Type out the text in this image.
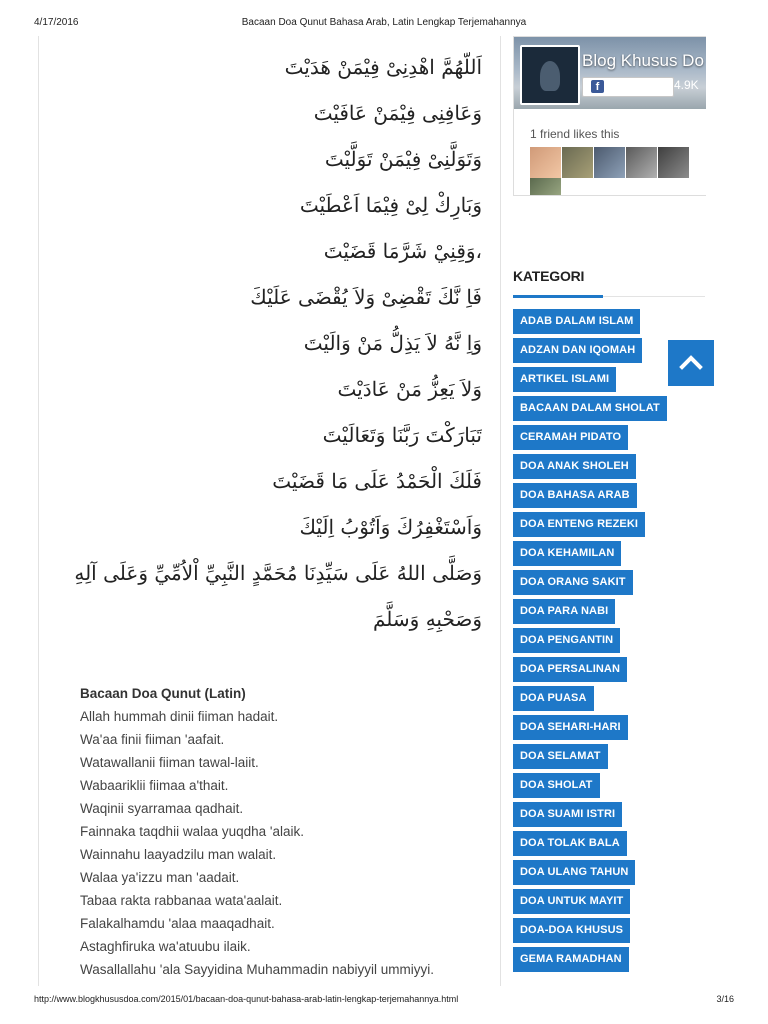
4/17/2016	Bacaan Doa Qunut Bahasa Arab, Latin Lengkap Terjemahannya
اَللّهُمَّ اهْدِنِىْ فِيْمَنْ هَدَيْتَ
وَعَافِنِى فِيْمَنْ عَافَيْتَ
وَتَوَلَّنِىْ فِيْمَنْ تَوَلَّيْتَ
وَبَارِكْ لِىْ فِيْمَا اَعْطَيْتَ
،وَقِنِيْ شَرَّمَا قَضَيْتَ
فَاِ نَّكَ تَقْضِىْ وَلاَ يُقْضَى عَلَيْكَ
وَاِ نَّهُ لاَ يَذِلُّ مَنْ وَالَيْتَ
وَلاَ يَعِزُّ مَنْ عَادَيْتَ
تَبَارَكْتَ رَبَّنَا وَتَعَالَيْتَ
فَلَكَ الْحَمْدُ عَلَى مَا قَضَيْتَ
وَاَسْتَغْفِرُكَ وَاَتُوْبُ اِلَيْكَ
وَصَلَّى اللهُ عَلَى سَيِّدِنَا مُحَمَّدٍ النَّبِيِّ اْلاُمِّيِّ وَعَلَى آلِهِ وَصَحْبِهِ وَسَلَّمَ
Bacaan Doa Qunut (Latin)
Allah hummah dinii fiiman hadait.
Wa'aa finii fiiman 'aafait.
Watawallanii fiiman tawal-laiit.
Wabaariklii fiimaa a'thait.
Waqinii syarramaa qadhait.
Fainnaka taqdhii walaa yuqdha 'alaik.
Wainnahu laayadzilu man walait.
Walaa ya'izzu man 'aadait.
Tabaa rakta rabbanaa wata'aalait.
Falakalhamdu 'alaa maaqadhait.
Astaghfiruka wa'atuubu ilaik.
Wasallallahu 'ala Sayyidina Muhammadin nabiyyil ummiyyi.
Blog Khusus Do
f	4.9K
1 friend likes this
KATEGORI
ADAB DALAM ISLAM
ADZAN DAN IQOMAH
ARTIKEL ISLAMI
BACAAN DALAM SHOLAT
CERAMAH PIDATO
DOA ANAK SHOLEH
DOA BAHASA ARAB
DOA ENTENG REZEKI
DOA KEHAMILAN
DOA ORANG SAKIT
DOA PARA NABI
DOA PENGANTIN
DOA PERSALINAN
DOA PUASA
DOA SEHARI-HARI
DOA SELAMAT
DOA SHOLAT
DOA SUAMI ISTRI
DOA TOLAK BALA
DOA ULANG TAHUN
DOA UNTUK MAYIT
DOA-DOA KHUSUS
GEMA RAMADHAN
http://www.blogkhususdoa.com/2015/01/bacaan-doa-qunut-bahasa-arab-latin-lengkap-terjemahannya.html	3/16
